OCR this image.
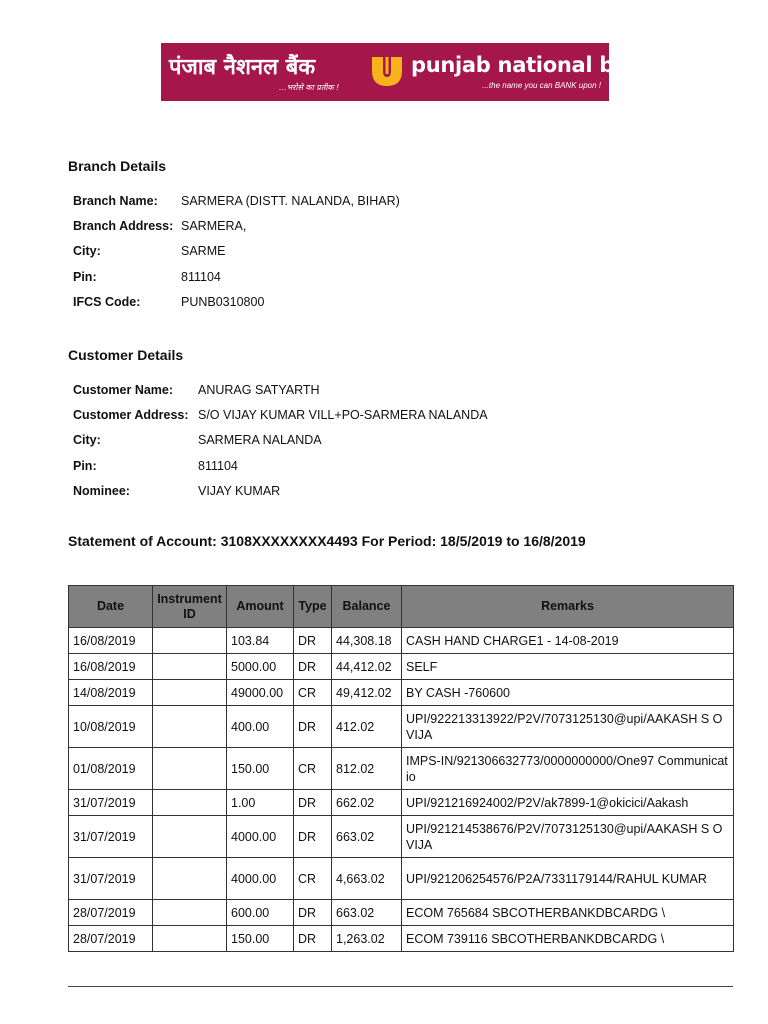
पंजाब नैशनल बैंक
...भरोसे का प्रतीक !
punjab national bank
...the name you can BANK upon !
Branch Details
Branch Name:	SARMERA (DISTT. NALANDA, BIHAR)
Branch Address: SARMERA,
City:	SARME
Pin:	811104
IFCS Code:	PUNB0310800
Customer Details
Customer Name:	ANURAG SATYARTH
Customer Address: S/O VIJAY KUMAR VILL+PO-SARMERA NALANDA
City:	SARMERA NALANDA
Pin:	811104
Nominee:	VIJAY KUMAR
Statement of Account: 3108XXXXXXXX4493 For Period: 18/5/2019 to 16/8/2019
Date	Instrument ID	Amount	Type	Balance	Remarks
16/08/2019		103.84	DR	44,308.18	CASH HAND CHARGE1 - 14-08-2019
16/08/2019		5000.00	DR	44,412.02	SELF
14/08/2019		49000.00	CR	49,412.02	BY CASH -760600
10/08/2019		400.00	DR	412.02	UPI/922213313922/P2V/7073125130@upi/AAKASH S OVIJA
01/08/2019		150.00	CR	812.02	IMPS-IN/921306632773/0000000000/One97 Communicatio
31/07/2019		1.00	DR	662.02	UPI/921216924002/P2V/ak7899-1@okicici/Aakash
31/07/2019		4000.00	DR	663.02	UPI/921214538676/P2V/7073125130@upi/AAKASH S OVIJA
31/07/2019		4000.00	CR	4,663.02	UPI/921206254576/P2A/7331179144/RAHUL KUMAR
28/07/2019		600.00	DR	663.02	ECOM 765684 SBCOTHERBANKDBCARDG \
28/07/2019		150.00	DR	1,263.02	ECOM 739116 SBCOTHERBANKDBCARDG \
